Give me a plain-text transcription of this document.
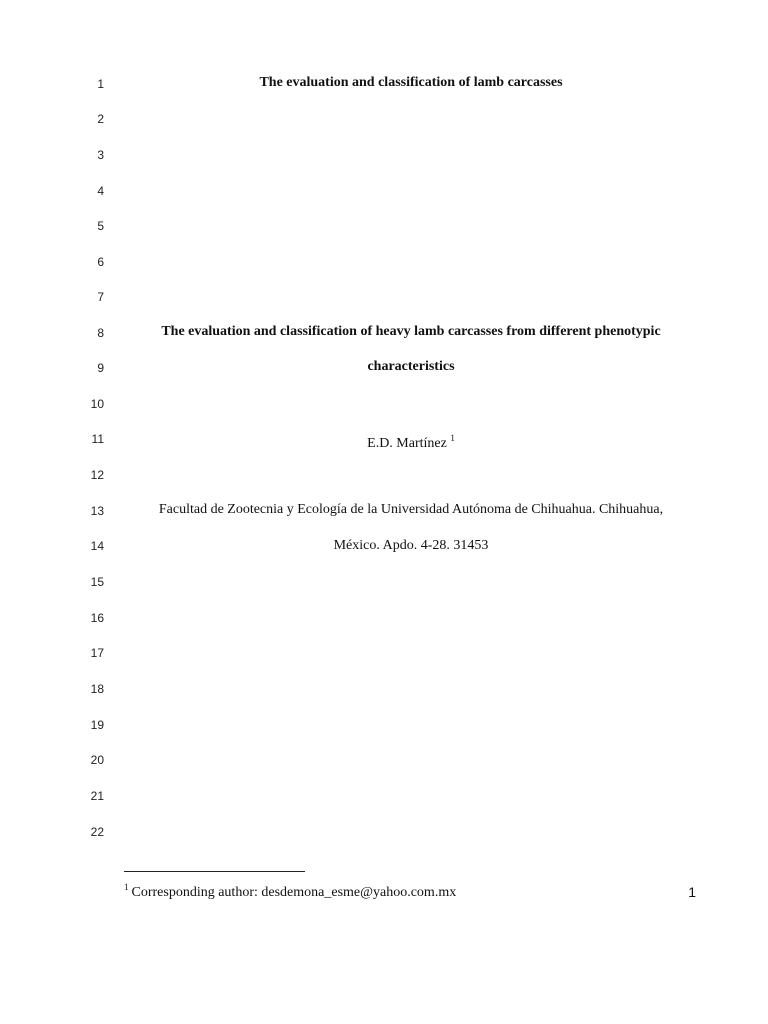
1
2
3
4
5
6
7
8
9
10
11
12
13
14
15
16
17
18
19
20
21
22
The evaluation and classification of lamb carcasses
The evaluation and classification of heavy lamb carcasses from different phenotypic
characteristics
E.D. Martínez $^1$
Facultad de Zootecnia y Ecología de la Universidad Autónoma de Chihuahua. Chihuahua,
México. Apdo. 4-28. 31453
$^1$ Corresponding author: desdemona_esme@yahoo.com.mx	1
